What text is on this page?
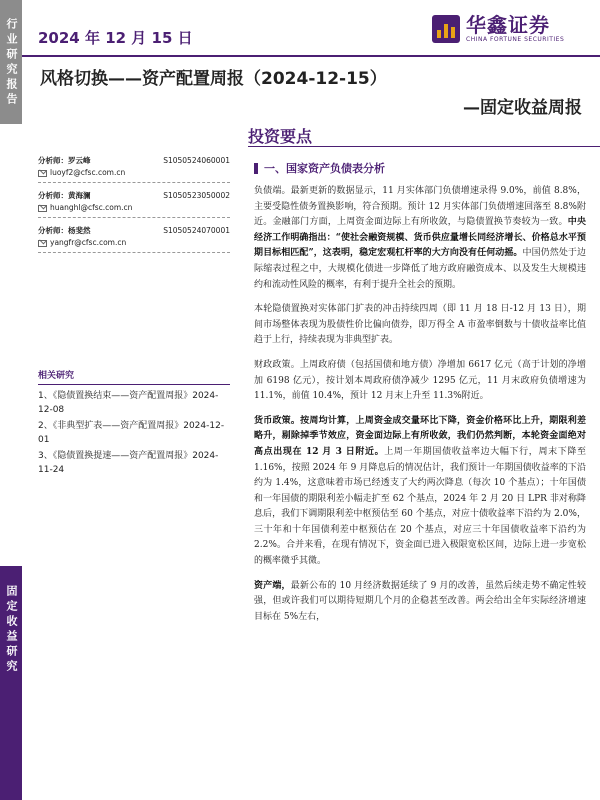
行业研究报告
固定收益研究
2024 年 12 月 15 日
华鑫证券
CHINA FORTUNE SECURITIES
风格切换——资产配置周报（2024-12-15）
—固定收益周报
投资要点
分析师：罗云峰	S1050524060001
luoyf2@cfsc.com.cn
分析师：黄海澜	S1050523050002
huanghl@cfsc.com.cn
分析师：杨斐然	S1050524070001
yangfr@cfsc.com.cn
相关研究
1、《隐债置换结束——资产配置周报》2024-12-08
2、《非典型扩表——资产配置周报》2024-12-01
3、《隐债置换提速——资产配置周报》2024-11-24
一、国家资产负债表分析

负债端。最新更新的数据显示，11 月实体部门负债增速录得 9.0%，前值 8.8%，主要受隐性债务置换影响，符合预期。预计 12 月实体部门负债增速回落至 8.8%附近。金融部门方面，上周资金面边际上有所收敛，与隐债置换节奏较为一致。中央经济工作明确指出：“使社会融资规模、货币供应量增长同经济增长、价格总水平预期目标相匹配”，这表明，稳定宏观杠杆率的大方向没有任何动摇。中国仍然处于边际缩表过程之中，大规模化债进一步降低了地方政府融资成本、以及发生大规模违约和流动性风险的概率，有利于提升全社会的预期。

本轮隐债置换对实体部门扩表的冲击持续四周（即 11 月 18 日-12 月 13 日），期间市场整体表现为股债性价比偏向债券，即万得全 A 市盈率倒数与十债收益率比值趋于上行，持续表现为非典型扩表。

财政政策。上周政府债（包括国债和地方债）净增加 6617 亿元（高于计划的净增加 6198 亿元），按计划本周政府债净减少 1295 亿元，11 月末政府负债增速为 11.1%，前值 10.4%，预计 12 月末上升至 11.3%附近。

货币政策。按周均计算，上周资金成交量环比下降，资金价格环比上升，期限利差略升，剔除掉季节效应，资金面边际上有所收敛，我们仍然判断，本轮资金面绝对高点出现在 12 月 3 日附近。上周一年期国债收益率边大幅下行，周末下降至 1.16%，按照 2024 年 9 月降息后的情况估计，我们预计一年期国债收益率的下沿约为 1.4%，这意味着市场已经透支了大约两次降息（每次 10 个基点）；十年国债和一年国债的期限利差小幅走扩至 62 个基点，2024 年 2 月 20 日 LPR 非对称降息后，我们下调期限利差中枢预估至 60 个基点，对应十债收益率下沿约为 2.0%，三十年和十年国债利差中枢预估在 20 个基点，对应三十年国债收益率下沿约为 2.2%。合并来看，在现有情况下，资金面已进入极限宽松区间，边际上进一步宽松的概率微乎其微。

资产端，最新公布的 10 月经济数据延续了 9 月的改善，虽然后续走势不确定性较强，但或许我们可以期待短期几个月的企稳甚至改善。两会给出全年实际经济增速目标在 5%左右，
